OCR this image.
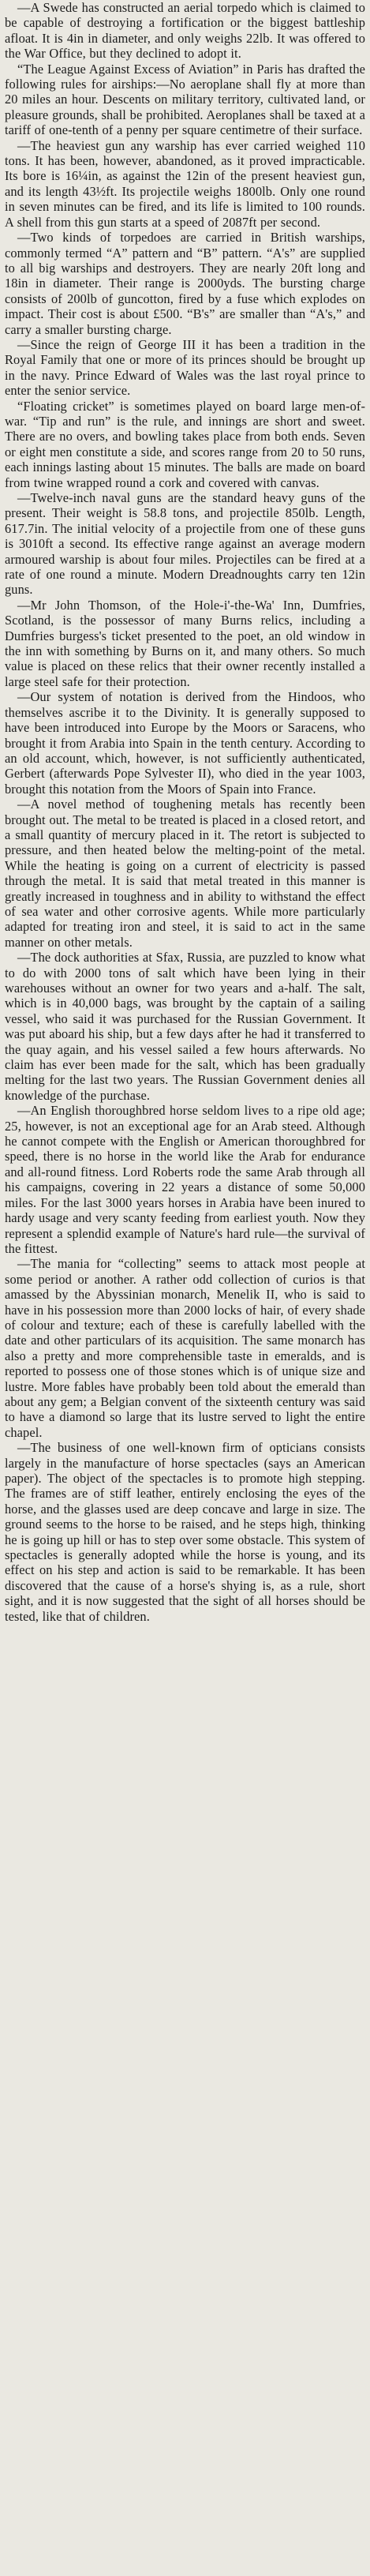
—A Swede has constructed an aerial torpedo which is claimed to be capable of destroying a fortification or the biggest battleship afloat. It is 4in in diameter, and only weighs 22lb. It was offered to the War Office, but they declined to adopt it.

“The League Against Excess of Aviation” in Paris has drafted the following rules for airships:—No aeroplane shall fly at more than 20 miles an hour. Descents on military territory, cultivated land, or pleasure grounds, shall be prohibited. Aeroplanes shall be taxed at a tariff of one-tenth of a penny per square centimetre of their surface.

—The heaviest gun any warship has ever carried weighed 110 tons. It has been, however, abandoned, as it proved impracticable. Its bore is 16¼in, as against the 12in of the present heaviest gun, and its length 43½ft. Its projectile weighs 1800lb. Only one round in seven minutes can be fired, and its life is limited to 100 rounds. A shell from this gun starts at a speed of 2087ft per second.

—Two kinds of torpedoes are carried in British warships, commonly termed “A” pattern and “B” pattern. “A's” are supplied to all big warships and destroyers. They are nearly 20ft long and 18in in diameter. Their range is 2000yds. The bursting charge consists of 200lb of guncotton, fired by a fuse which explodes on impact. Their cost is about £500. “B's” are smaller than “A's,” and carry a smaller bursting charge.

—Since the reign of George III it has been a tradition in the Royal Family that one or more of its princes should be brought up in the navy. Prince Edward of Wales was the last royal prince to enter the senior service.

“Floating cricket” is sometimes played on board large men-of-war. “Tip and run” is the rule, and innings are short and sweet. There are no overs, and bowling takes place from both ends. Seven or eight men constitute a side, and scores range from 20 to 50 runs, each innings lasting about 15 minutes. The balls are made on board from twine wrapped round a cork and covered with canvas.

—Twelve-inch naval guns are the standard heavy guns of the present. Their weight is 58.8 tons, and projectile 850lb. Length, 617.7in. The initial velocity of a projectile from one of these guns is 3010ft a second. Its effective range against an average modern armoured warship is about four miles. Projectiles can be fired at a rate of one round a minute. Modern Dreadnoughts carry ten 12in guns.

—Mr John Thomson, of the Hole-i'-the-Wa' Inn, Dumfries, Scotland, is the possessor of many Burns relics, including a Dumfries burgess's ticket presented to the poet, an old window in the inn with something by Burns on it, and many others. So much value is placed on these relics that their owner recently installed a large steel safe for their protection.

—Our system of notation is derived from the Hindoos, who themselves ascribe it to the Divinity. It is generally supposed to have been introduced into Europe by the Moors or Saracens, who brought it from Arabia into Spain in the tenth century. According to an old account, which, however, is not sufficiently authenticated, Gerbert (afterwards Pope Sylvester II), who died in the year 1003, brought this notation from the Moors of Spain into France.

—A novel method of toughening metals has recently been brought out. The metal to be treated is placed in a closed retort, and a small quantity of mercury placed in it. The retort is subjected to pressure, and then heated below the melting-point of the metal. While the heating is going on a current of electricity is passed through the metal. It is said that metal treated in this manner is greatly increased in toughness and in ability to withstand the effect of sea water and other corrosive agents. While more particularly adapted for treating iron and steel, it is said to act in the same manner on other metals.

—The dock authorities at Sfax, Russia, are puzzled to know what to do with 2000 tons of salt which have been lying in their warehouses without an owner for two years and a-half. The salt, which is in 40,000 bags, was brought by the captain of a sailing vessel, who said it was purchased for the Russian Government. It was put aboard his ship, but a few days after he had it transferred to the quay again, and his vessel sailed a few hours afterwards. No claim has ever been made for the salt, which has been gradually melting for the last two years. The Russian Government denies all knowledge of the purchase.

—An English thoroughbred horse seldom lives to a ripe old age; 25, however, is not an exceptional age for an Arab steed. Although he cannot compete with the English or American thoroughbred for speed, there is no horse in the world like the Arab for endurance and all-round fitness. Lord Roberts rode the same Arab through all his campaigns, covering in 22 years a distance of some 50,000 miles. For the last 3000 years horses in Arabia have been inured to hardy usage and very scanty feeding from earliest youth. Now they represent a splendid example of Nature's hard rule—the survival of the fittest.

—The mania for “collecting” seems to attack most people at some period or another. A rather odd collection of curios is that amassed by the Abyssinian monarch, Menelik II, who is said to have in his possession more than 2000 locks of hair, of every shade of colour and texture; each of these is carefully labelled with the date and other particulars of its acquisition. The same monarch has also a pretty and more comprehensible taste in emeralds, and is reported to possess one of those stones which is of unique size and lustre. More fables have probably been told about the emerald than about any gem; a Belgian convent of the sixteenth century was said to have a diamond so large that its lustre served to light the entire chapel.

—The business of one well-known firm of opticians consists largely in the manufacture of horse spectacles (says an American paper). The object of the spectacles is to promote high stepping. The frames are of stiff leather, entirely enclosing the eyes of the horse, and the glasses used are deep concave and large in size. The ground seems to the horse to be raised, and he steps high, thinking he is going up hill or has to step over some obstacle. This system of spectacles is generally adopted while the horse is young, and its effect on his step and action is said to be remarkable. It has been discovered that the cause of a horse's shying is, as a rule, short sight, and it is now suggested that the sight of all horses should be tested, like that of children.
